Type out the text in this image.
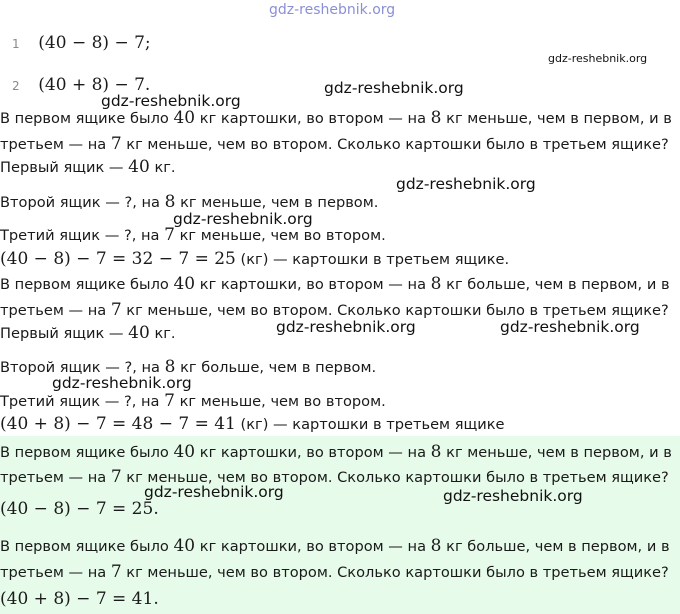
gdz-reshebnik.org
1 (40 − 8) − 7;
gdz-reshebnik.org
2 (40 + 8) − 7.	gdz-reshebnik.org
gdz-reshebnik.org
В первом ящике было 40 кг картошки, во втором — на 8 кг меньше, чем в первом, и в
третьем — на 7 кг меньше, чем во втором. Сколько картошки было в третьем ящике?
Первый ящик — 40 кг.
gdz-reshebnik.org
Второй ящик — ?, на 8 кг меньше, чем в первом.
gdz-reshebnik.org
Третий ящик — ?, на 7 кг меньше, чем во втором.
(40 − 8) − 7 = 32 − 7 = 25 (кг) — картошки в третьем ящике.
В первом ящике было 40 кг картошки, во втором — на 8 кг больше, чем в первом, и в
третьем — на 7 кг меньше, чем во втором. Сколько картошки было в третьем ящике?
Первый ящик — 40 кг.	gdz-reshebnik.org	gdz-reshebnik.org
Второй ящик — ?, на 8 кг больше, чем в первом.
gdz-reshebnik.org
Третий ящик — ?, на 7 кг меньше, чем во втором.
(40 + 8) − 7 = 48 − 7 = 41 (кг) — картошки в третьем ящике
В первом ящике было 40 кг картошки, во втором — на 8 кг меньше, чем в первом, и в
третьем — на 7 кг меньше, чем во втором. Сколько картошки было в третьем ящике?
gdz-reshebnik.org	gdz-reshebnik.org
(40 − 8) − 7 = 25.
В первом ящике было 40 кг картошки, во втором — на 8 кг больше, чем в первом, и в
третьем — на 7 кг меньше, чем во втором. Сколько картошки было в третьем ящике?
(40 + 8) − 7 = 41.
